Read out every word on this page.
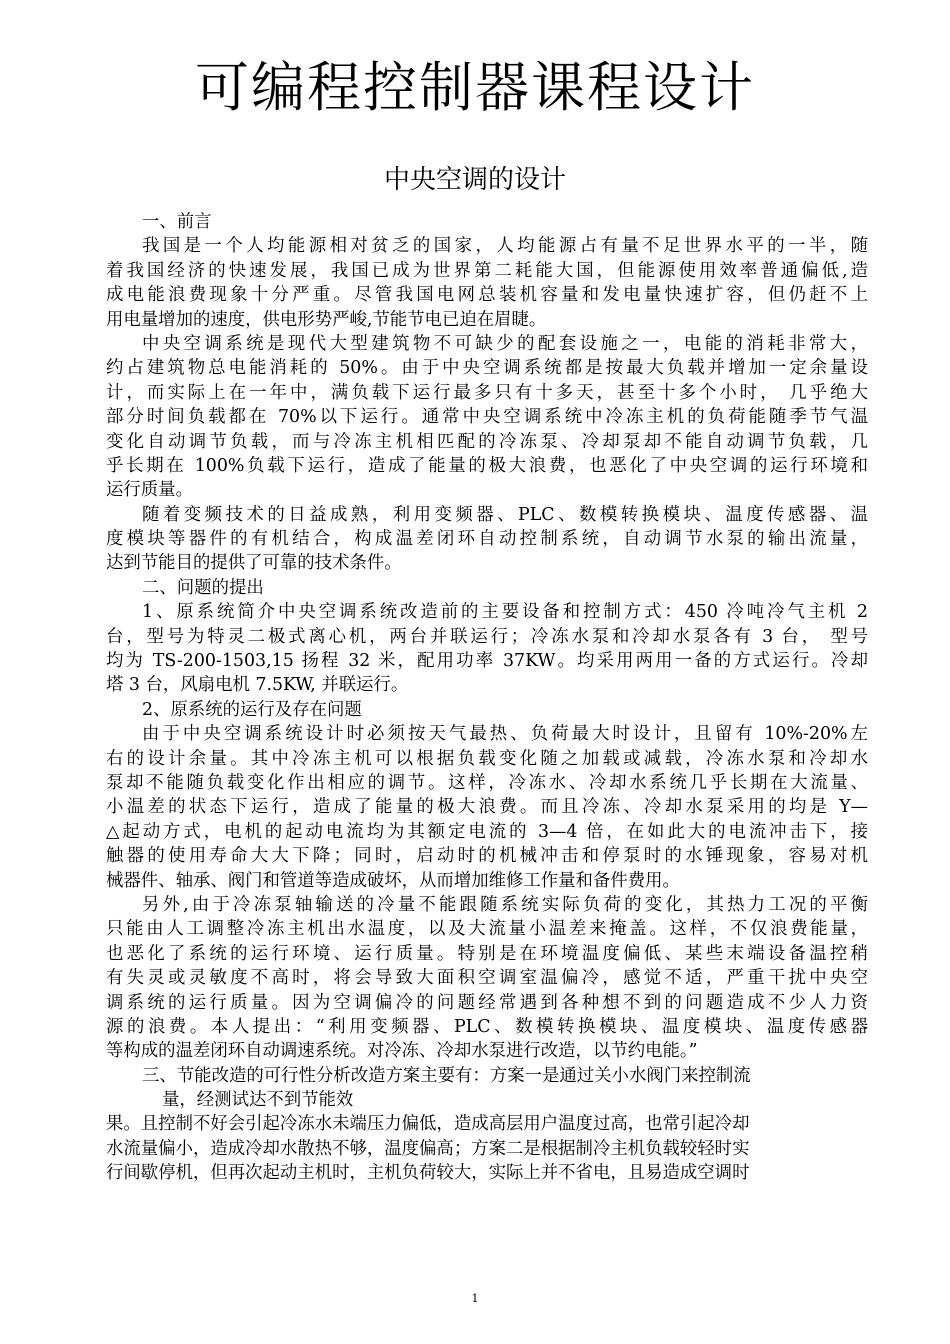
可编程控制器课程设计
中央空调的设计
一、前言
我国是一个人均能源相对贫乏的国家，人均能源占有量不足世界水平的一半，随
着我国经济的快速发展，我国已成为世界第二耗能大国，但能源使用效率普通偏低,造
成电能浪费现象十分严重。尽管我国电网总装机容量和发电量快速扩容，但仍赶不上
用电量增加的速度，供电形势严峻,节能节电已迫在眉睫。
中央空调系统是现代大型建筑物不可缺少的配套设施之一，电能的消耗非常大，
约占建筑物总电能消耗的 50%。由于中央空调系统都是按最大负载并增加一定余量设
计，而实际上在一年中，满负载下运行最多只有十多天，甚至十多个小时， 几乎绝大
部分时间负载都在 70%以下运行。通常中央空调系统中冷冻主机的负荷能随季节气温
变化自动调节负载，而与冷冻主机相匹配的冷冻泵、冷却泵却不能自动调节负载，几
乎长期在 100%负载下运行，造成了能量的极大浪费，也恶化了中央空调的运行环境和
运行质量。
随着变频技术的日益成熟，利用变频器、PLC、数模转换模块、温度传感器、温
度模块等器件的有机结合，构成温差闭环自动控制系统，自动调节水泵的输出流量，
达到节能目的提供了可靠的技术条件。
二、问题的提出
1、原系统简介中央空调系统改造前的主要设备和控制方式：450 冷吨冷气主机 2
台，型号为特灵二极式离心机，两台并联运行；冷冻水泵和冷却水泵各有 3 台， 型号
均为 TS-200-1503,15 扬程 32 米，配用功率 37KW。均采用两用一备的方式运行。冷却
塔 3 台，风扇电机 7.5KW, 并联运行。
2、原系统的运行及存在问题
由于中央空调系统设计时必须按天气最热、负荷最大时设计，且留有 10%-20%左
右的设计余量。其中冷冻主机可以根据负载变化随之加载或减载，冷冻水泵和冷却水
泵却不能随负载变化作出相应的调节。这样，冷冻水、冷却水系统几乎长期在大流量、
小温差的状态下运行，造成了能量的极大浪费。而且冷冻、冷却水泵采用的均是 Y—
△起动方式，电机的起动电流均为其额定电流的 3—4 倍，在如此大的电流冲击下，接
触器的使用寿命大大下降；同时，启动时的机械冲击和停泵时的水锤现象，容易对机
械器件、轴承、阀门和管道等造成破坏，从而增加维修工作量和备件费用。
另外,由于冷冻泵轴输送的冷量不能跟随系统实际负荷的变化，其热力工况的平衡
只能由人工调整冷冻主机出水温度，以及大流量小温差来掩盖。这样，不仅浪费能量，
也恶化了系统的运行环境、运行质量。特别是在环境温度偏低、某些末端设备温控稍
有失灵或灵敏度不高时，将会导致大面积空调室温偏冷，感觉不适，严重干扰中央空
调系统的运行质量。因为空调偏冷的问题经常遇到各种想不到的问题造成不少人力资
源的浪费。本人提出：“利用变频器、PLC、数模转换模块、温度模块、温度传感器
等构成的温差闭环自动调速系统。对冷冻、冷却水泵进行改造，以节约电能。”
三、节能改造的可行性分析改造方案主要有：方案一是通过关小水阀门来控制流
量，经测试达不到节能效
果。且控制不好会引起冷冻水未端压力偏低，造成高层用户温度过高，也常引起冷却
水流量偏小，造成冷却水散热不够，温度偏高；方案二是根据制冷主机负载较轻时实
行间歇停机，但再次起动主机时，主机负荷较大，实际上并不省电，且易造成空调时
1
